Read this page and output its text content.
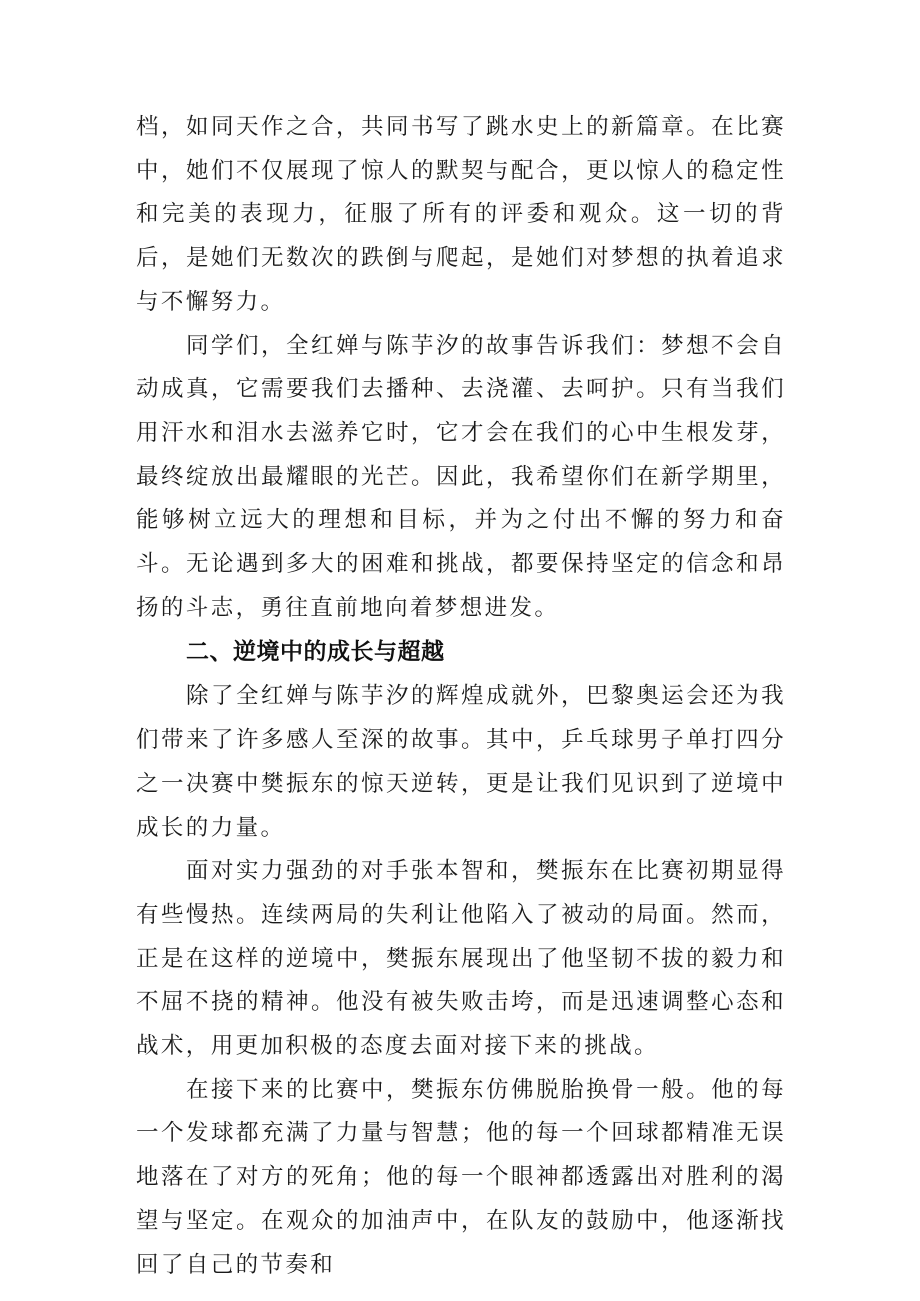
档，如同天作之合，共同书写了跳水史上的新篇章。在比赛中，她们不仅展现了惊人的默契与配合，更以惊人的稳定性和完美的表现力，征服了所有的评委和观众。这一切的背后，是她们无数次的跌倒与爬起，是她们对梦想的执着追求与不懈努力。

同学们，全红婵与陈芋汐的故事告诉我们：梦想不会自动成真，它需要我们去播种、去浇灌、去呵护。只有当我们用汗水和泪水去滋养它时，它才会在我们的心中生根发芽，最终绽放出最耀眼的光芒。因此，我希望你们在新学期里，能够树立远大的理想和目标，并为之付出不懈的努力和奋斗。无论遇到多大的困难和挑战，都要保持坚定的信念和昂扬的斗志，勇往直前地向着梦想进发。

二、逆境中的成长与超越

除了全红婵与陈芋汐的辉煌成就外，巴黎奥运会还为我们带来了许多感人至深的故事。其中，乒乓球男子单打四分之一决赛中樊振东的惊天逆转，更是让我们见识到了逆境中成长的力量。

面对实力强劲的对手张本智和，樊振东在比赛初期显得有些慢热。连续两局的失利让他陷入了被动的局面。然而，正是在这样的逆境中，樊振东展现出了他坚韧不拔的毅力和不屈不挠的精神。他没有被失败击垮，而是迅速调整心态和战术，用更加积极的态度去面对接下来的挑战。

在接下来的比赛中，樊振东仿佛脱胎换骨一般。他的每一个发球都充满了力量与智慧；他的每一个回球都精准无误地落在了对方的死角；他的每一个眼神都透露出对胜利的渴望与坚定。在观众的加油声中，在队友的鼓励中，他逐渐找回了自己的节奏和
